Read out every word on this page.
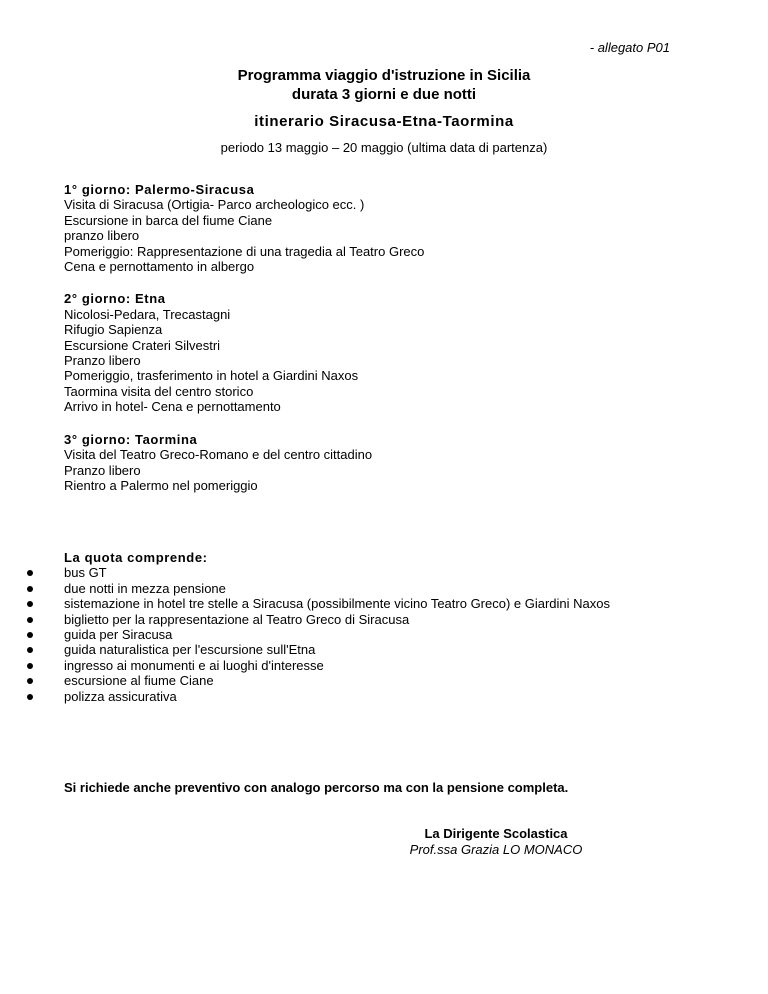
- allegato P01
Programma viaggio d'istruzione in Sicilia
durata 3 giorni e due notti
itinerario Siracusa-Etna-Taormina
periodo 13 maggio – 20 maggio (ultima data di partenza)
1° giorno: Palermo-Siracusa
Visita di Siracusa (Ortigia- Parco archeologico ecc. )
Escursione in barca del fiume Ciane
pranzo libero
Pomeriggio: Rappresentazione di una tragedia al Teatro Greco
Cena e pernottamento in albergo
2° giorno: Etna
Nicolosi-Pedara, Trecastagni
Rifugio Sapienza
Escursione Crateri Silvestri
Pranzo libero
Pomeriggio, trasferimento in hotel a Giardini Naxos
Taormina visita del centro storico
Arrivo in hotel- Cena e pernottamento
3° giorno: Taormina
Visita del Teatro Greco-Romano e del centro cittadino
Pranzo libero
Rientro a Palermo nel pomeriggio
La quota comprende:
bus GT
due notti in mezza pensione
sistemazione in hotel tre stelle a Siracusa (possibilmente vicino Teatro Greco) e Giardini Naxos
biglietto per la rappresentazione al Teatro Greco di Siracusa
guida per Siracusa
guida naturalistica per l'escursione sull'Etna
ingresso ai monumenti e ai luoghi d'interesse
escursione al fiume Ciane
polizza assicurativa
Si richiede anche preventivo con analogo percorso ma con la pensione completa.
La Dirigente Scolastica
Prof.ssa Grazia LO MONACO
